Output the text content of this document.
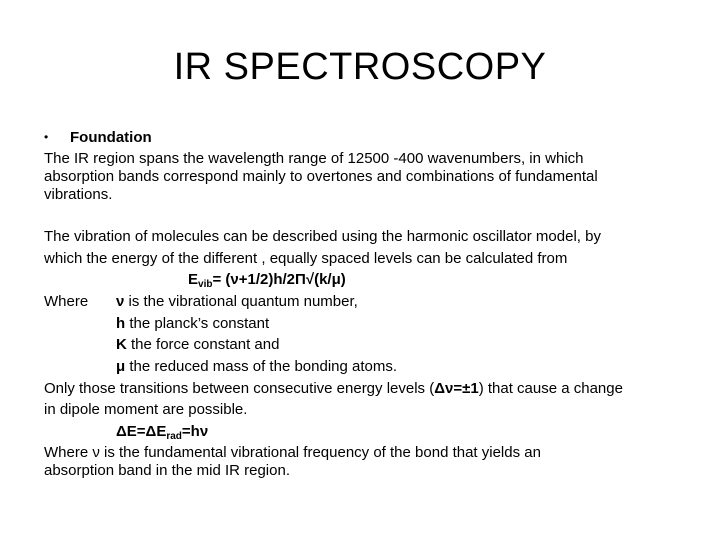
IR SPECTROSCOPY
• Foundation
The IR region spans the wavelength range of 12500 -400 wavenumbers, in which
absorption bands correspond mainly to overtones and combinations of fundamental
vibrations.
The vibration of molecules can be described using the harmonic oscillator model, by
which the energy of the different , equally spaced levels can be calculated from
$E_{vib}= (\nu+1/2)h/2\Pi√(k/\mu)$
Where ν is the vibrational quantum number,
h the planck’s constant
K the force constant and
μ the reduced mass of the bonding atoms.
Only those transitions between consecutive energy levels (Δν=±1) that cause a change
in dipole moment are possible.
$\Delta E=\Delta E_{rad}=h\nu$
Where ν is the fundamental vibrational frequency of the bond that yields an
absorption band in the mid IR region.
